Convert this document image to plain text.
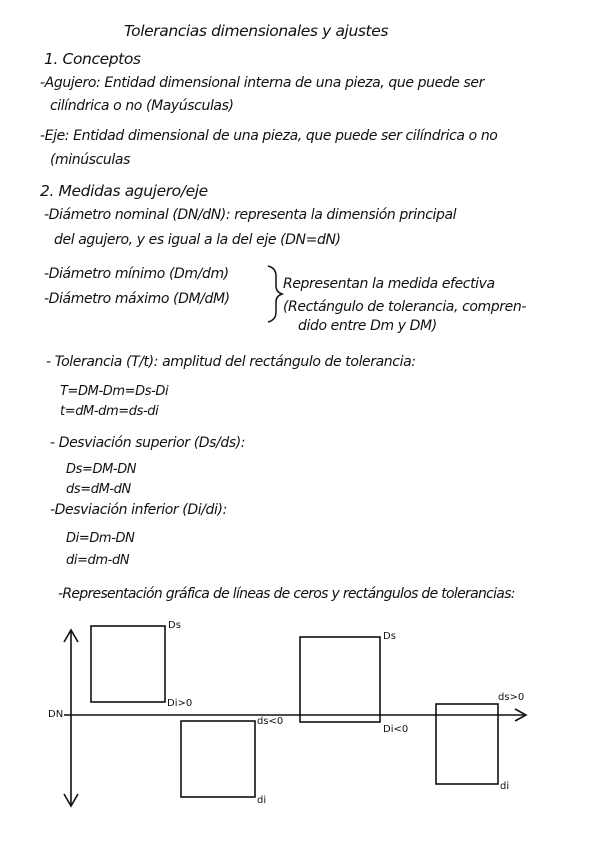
Tolerancias dimensionales y ajustes
1. Conceptos
-Agujero: Entidad dimensional interna de una pieza, que puede ser
cilíndrica o no (Mayúsculas)
-Eje: Entidad dimensional de una pieza, que puede ser cilíndrica o no
(minúsculas
2. Medidas agujero/eje
-Diámetro nominal (DN/dN): representa la dimensión principal
del agujero, y es igual a la del eje (DN=dN)
-Diámetro mínimo (Dm/dm)
-Diámetro máximo (DM/dM)
Representan la medida efectiva
(Rectángulo de tolerancia, compren-
dido entre Dm y DM)
- Tolerancia (T/t): amplitud del rectángulo de tolerancia:
T=DM-Dm=Ds-Di
t=dM-dm=ds-di
- Desviación superior (Ds/ds):
Ds=DM-DN
ds=dM-dN
-Desviación inferior (Di/di):
Di=Dm-DN
di=dm-dN
-Representación gráfica de líneas de ceros y rectángulos de tolerancias:
DN
Ds
Di>0
ds<0
di
Ds
Di<0
ds>0
di
